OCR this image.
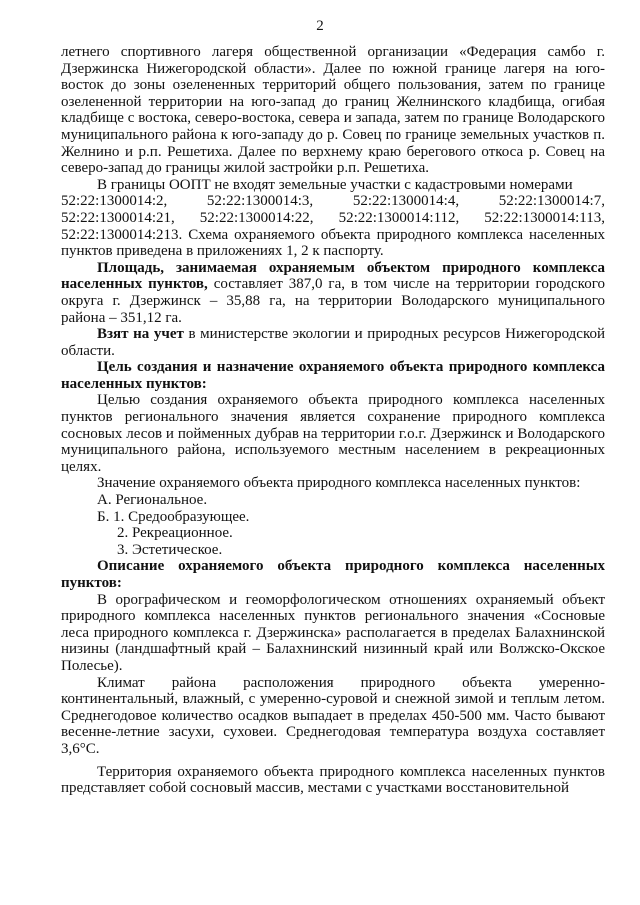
2

летнего спортивного лагеря общественной организации «Федерация самбо г. Дзержинска Нижегородской области». Далее по южной границе лагеря на юго-восток до зоны озелененных территорий общего пользования, затем по границе озелененной территории на юго-запад до границ Желнинского кладбища, огибая кладбище с востока, северо-востока, севера и запада, затем по границе Володарского муниципального района к юго-западу до р. Совец по границе земельных участков п. Желнино и р.п. Решетиха. Далее по верхнему краю берегового откоса р. Совец на северо-запад до границы жилой застройки р.п. Решетиха.

В границы ООПТ не входят земельные участки с кадастровыми номерами

52:22:1300014:2,	52:22:1300014:3,	52:22:1300014:4,	52:22:1300014:7,
52:22:1300014:21, 52:22:1300014:22, 52:22:1300014:112, 52:22:1300014:113,

52:22:1300014:213. Схема охраняемого объекта природного комплекса населенных пунктов приведена в приложениях 1, 2 к паспорту.

Площадь, занимаемая охраняемым объектом природного комплекса населенных пунктов, составляет 387,0 га, в том числе на территории городского округа г. Дзержинск – 35,88 га, на территории Володарского муниципального района – 351,12 га.

Взят на учет в министерстве экологии и природных ресурсов Нижегородской области.

Цель создания и назначение охраняемого объекта природного комплекса населенных пунктов:

Целью создания охраняемого объекта природного комплекса населенных пунктов регионального значения является сохранение природного комплекса сосновых лесов и пойменных дубрав на территории г.о.г. Дзержинск и Володарского муниципального района, используемого местным населением в рекреационных целях.

Значение охраняемого объекта природного комплекса населенных пунктов:

А. Региональное.
Б. 1. Средообразующее.
2. Рекреационное.
3. Эстетическое.

Описание охраняемого объекта природного комплекса населенных пунктов:

В орографическом и геоморфологическом отношениях охраняемый объект природного комплекса населенных пунктов регионального значения «Сосновые леса природного комплекса г. Дзержинска» располагается в пределах Балахнинской низины (ландшафтный край – Балахнинский низинный край или Волжско-Окское Полесье).

Климат района расположения природного объекта умеренно-континентальный, влажный, с умеренно-суровой и снежной зимой и теплым летом. Среднегодовое количество осадков выпадает в пределах 450-500 мм. Часто бывают весенне-летние засухи, суховеи. Среднегодовая температура воздуха составляет 3,6°С.

Территория охраняемого объекта природного комплекса населенных пунктов представляет собой сосновый массив, местами с участками восстановительной
